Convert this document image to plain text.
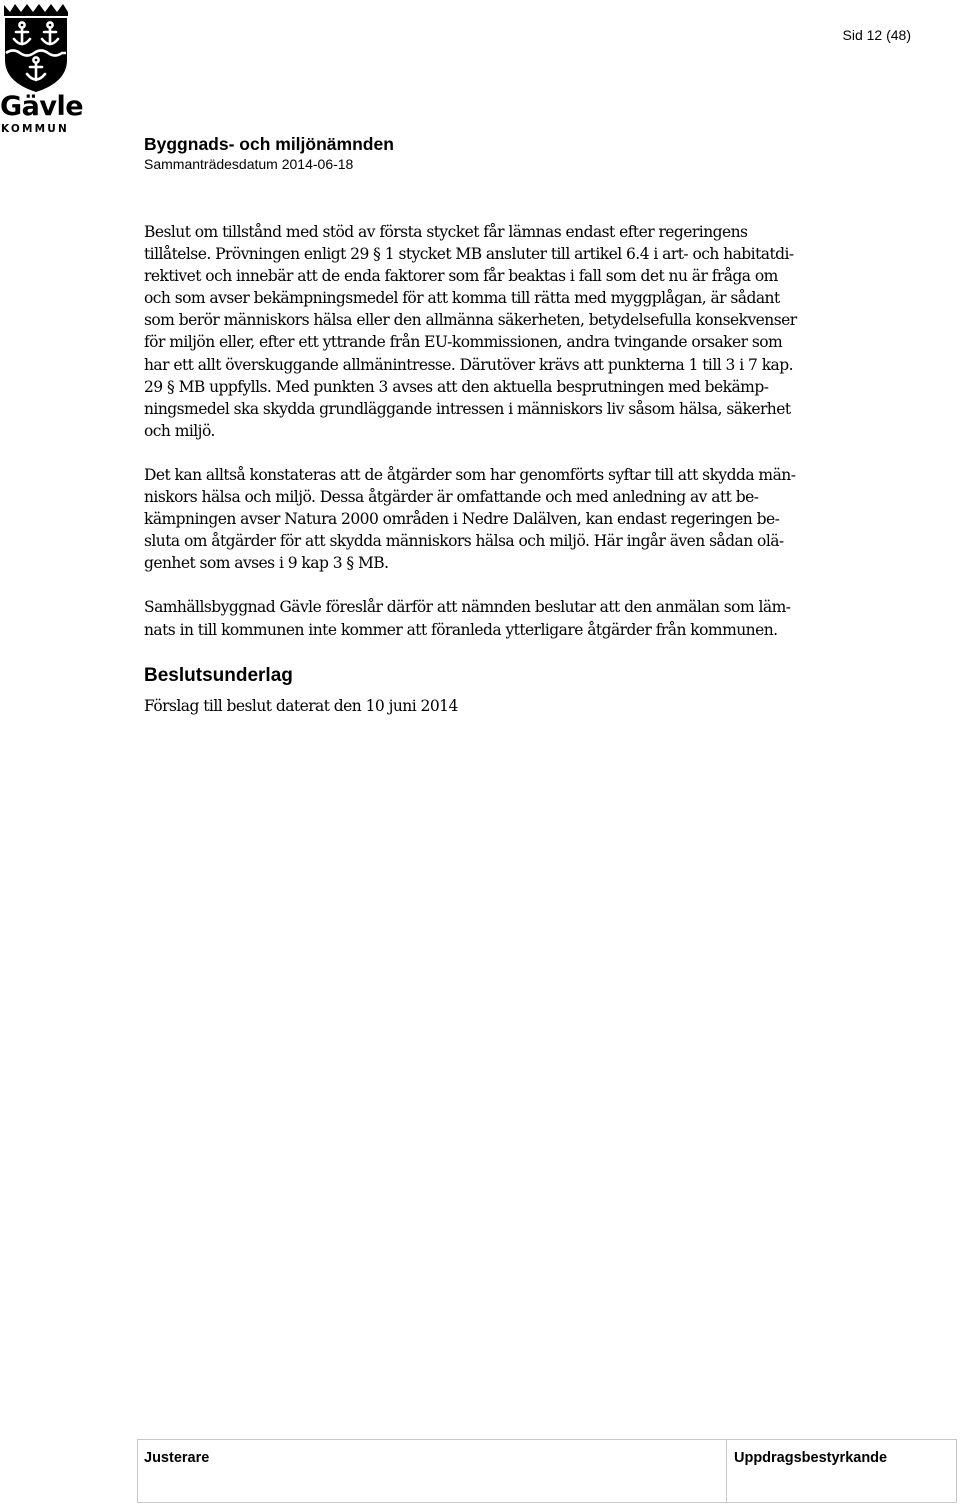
Gävle
KOMMUN
Sid 12 (48)
Byggnads- och miljönämnden
Sammanträdesdatum 2014-06-18

Beslut om tillstånd med stöd av första stycket får lämnas endast efter regeringens
tillåtelse. Prövningen enligt 29 § 1 stycket MB ansluter till artikel 6.4 i art- och habitatdi-
rektivet och innebär att de enda faktorer som får beaktas i fall som det nu är fråga om
och som avser bekämpningsmedel för att komma till rätta med myggplågan, är sådant
som berör människors hälsa eller den allmänna säkerheten, betydelsefulla konsekvenser
för miljön eller, efter ett yttrande från EU-kommissionen, andra tvingande orsaker som
har ett allt överskuggande allmänintresse. Därutöver krävs att punkterna 1 till 3 i 7 kap.
29 § MB uppfylls. Med punkten 3 avses att den aktuella besprutningen med bekämp-
ningsmedel ska skydda grundläggande intressen i människors liv såsom hälsa, säkerhet
och miljö.

Det kan alltså konstateras att de åtgärder som har genomförts syftar till att skydda män-
niskors hälsa och miljö. Dessa åtgärder är omfattande och med anledning av att be-
kämpningen avser Natura 2000 områden i Nedre Dalälven, kan endast regeringen be-
sluta om åtgärder för att skydda människors hälsa och miljö. Här ingår även sådan olä-
genhet som avses i 9 kap 3 § MB.

Samhällsbyggnad Gävle föreslår därför att nämnden beslutar att den anmälan som läm-
nats in till kommunen inte kommer att föranleda ytterligare åtgärder från kommunen.

Beslutsunderlag

Förslag till beslut daterat den 10 juni 2014

Justerare	Uppdragsbestyrkande
